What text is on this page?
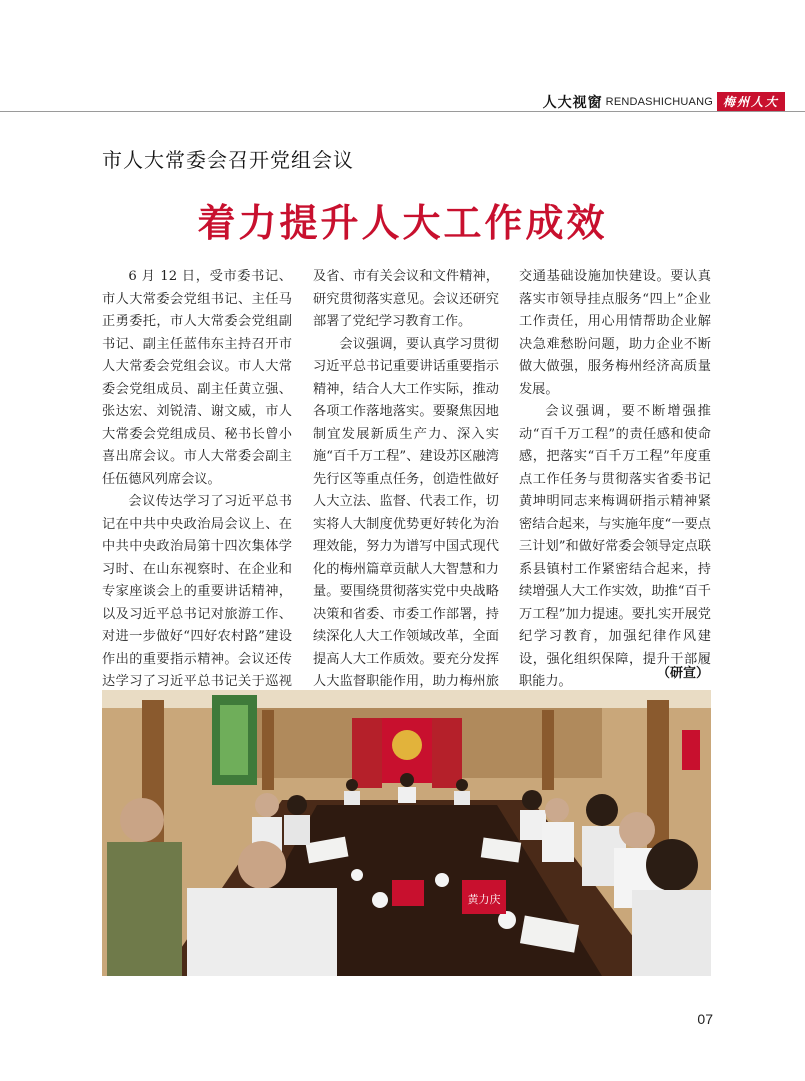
人大视窗 RENDASHICHUANG 梅州人大
市人大常委会召开党组会议
着力提升人大工作成效

6 月 12 日，受市委书记、市人大常委会党组书记、主任马正勇委托，市人大常委会党组副书记、副主任蓝伟东主持召开市人大常委会党组会议。市人大常委会党组成员、副主任黄立强、张达宏、刘锐清、谢文威，市人大常委会党组成员、秘书长曾小喜出席会议。市人大常委会副主任伍德风列席会议。

会议传达学习了习近平总书记在中共中央政治局会议上、在中共中央政治局第十四次集体学习时、在山东视察时、在企业和专家座谈会上的重要讲话精神，以及习近平总书记对旅游工作、对进一步做好“四好农村路”建设作出的重要指示精神。会议还传达学习了习近平总书记关于巡视

及省、市有关会议和文件精神，研究贯彻落实意见。会议还研究部署了党纪学习教育工作。

会议强调，要认真学习贯彻习近平总书记重要讲话重要指示精神，结合人大工作实际，推动各项工作落地落实。要聚焦因地制宜发展新质生产力、深入实施“百千万工程”、建设苏区融湾先行区等重点任务，创造性做好人大立法、监督、代表工作，切实将人大制度优势更好转化为治理效能，努力为谱写中国式现代化的梅州篇章贡献人大智慧和力量。要围绕贯彻落实党中央战略决策和省委、市委工作部署，持续深化人大工作领域改革，全面提高人大工作质效。要充分发挥人大监督职能作用，助力梅州旅

交通基础设施加快建设。要认真落实市领导挂点服务“四上”企业工作责任，用心用情帮助企业解决急难愁盼问题，助力企业不断做大做强，服务梅州经济高质量发展。

会议强调，要不断增强推动“百千万工程”的责任感和使命感，把落实“百千万工程”年度重点工作任务与贯彻落实省委书记黄坤明同志来梅调研指示精神紧密结合起来，与实施年度“一要点三计划”和做好常委会领导定点联系县镇村工作紧密结合起来，持续增强人大工作实效，助推“百千万工程”加力提速。要扎实开展党纪学习教育，加强纪律作风建设，强化组织保障，提升干部履职能力。

（研宣）
黄力庆
07
